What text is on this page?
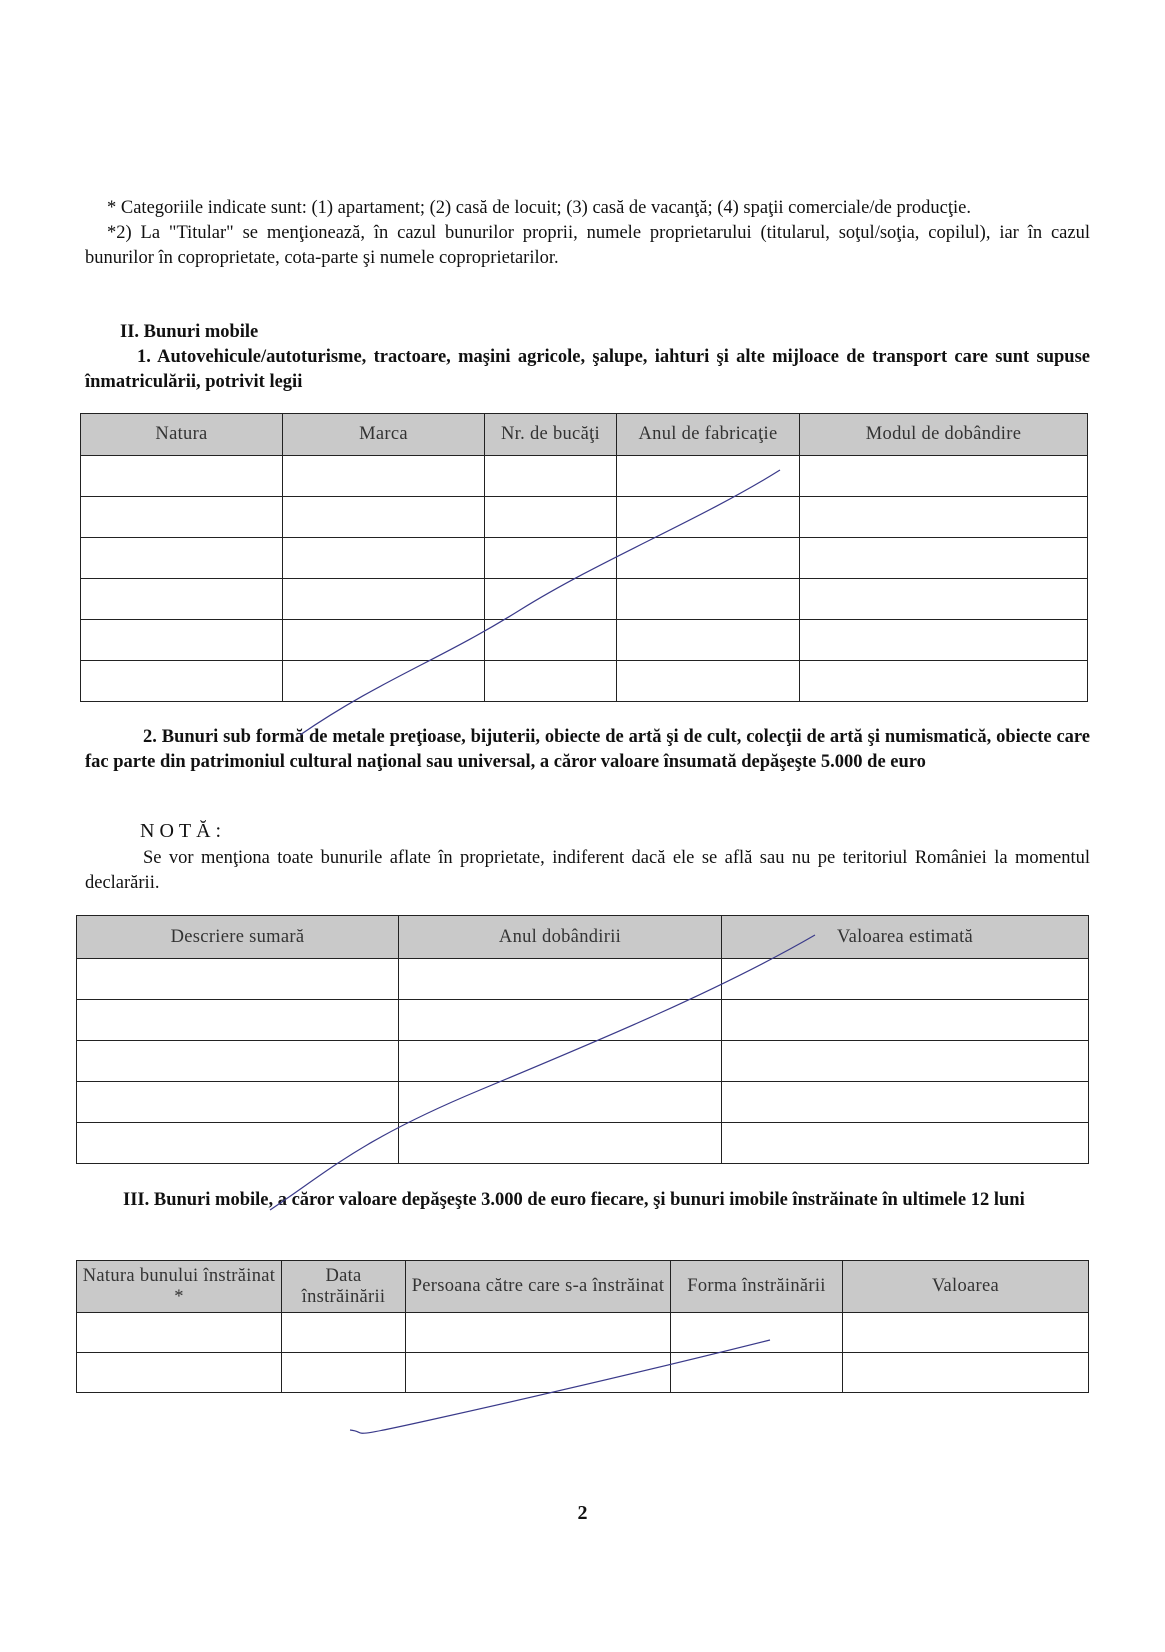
* Categoriile indicate sunt: (1) apartament; (2) casă de locuit; (3) casă de vacanţă; (4) spaţii comerciale/de producţie.

*2) La "Titular" se menţionează, în cazul bunurilor proprii, numele proprietarului (titularul, soţul/soţia, copilul), iar în cazul bunurilor în coproprietate, cota-parte şi numele coproprietarilor.

II. Bunuri mobile
1. Autovehicule/autoturisme, tractoare, maşini agricole, şalupe, iahturi şi alte mijloace de transport care sunt supuse înmatriculării, potrivit legii
Natura	Marca	Nr. de bucăţi	Anul de fabricaţie	Modul de dobândire

2. Bunuri sub formă de metale preţioase, bijuterii, obiecte de artă şi de cult, colecţii de artă şi numismatică, obiecte care fac parte din patrimoniul cultural naţional sau universal, a căror valoare însumată depăşeşte 5.000 de euro
NOTĂ:

Se vor menţiona toate bunurile aflate în proprietate, indiferent dacă ele se află sau nu pe teritoriul României la momentul declarării.

Descriere sumară	Anul dobândirii	Valoarea estimată

III. Bunuri mobile, a căror valoare depăşeşte 3.000 de euro fiecare, şi bunuri imobile înstrăinate în ultimele 12 luni
Natura bunului înstrăinat *	Data înstrăinării	Persoana către care s-a înstrăinat	Forma înstrăinării	Valoarea

2
